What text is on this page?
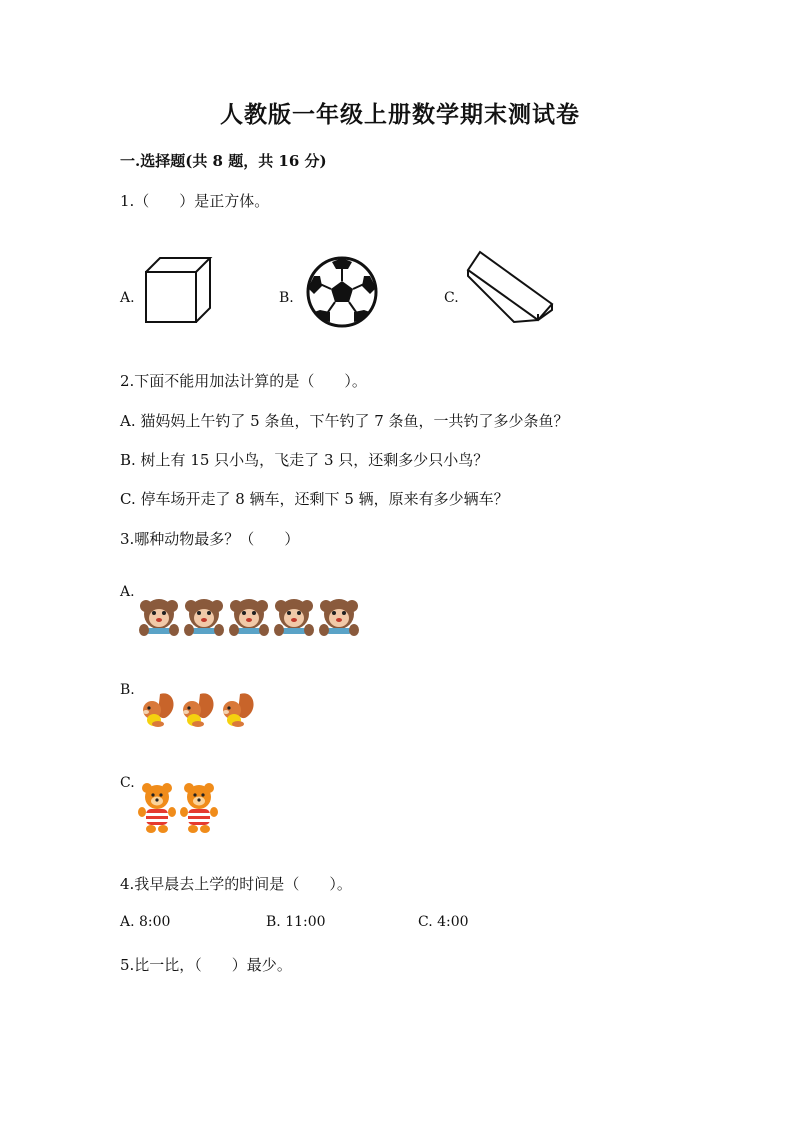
人教版一年级上册数学期末测试卷
一.选择题(共 8 题，共 16 分)
1.（　　）是正方体。
A.	B.	C.
2.下面不能用加法计算的是（　　）。
A. 猫妈妈上午钓了 5 条鱼，下午钓了 7 条鱼，一共钓了多少条鱼？
B. 树上有 15 只小鸟，飞走了 3 只，还剩多少只小鸟？
C. 停车场开走了 8 辆车，还剩下 5 辆，原来有多少辆车？
3.哪种动物最多？（　　）
A.
B.
C.
4.我早晨去上学的时间是（　　）。
A. 8:00	B. 11:00	C. 4:00
5.比一比，（　　）最少。
